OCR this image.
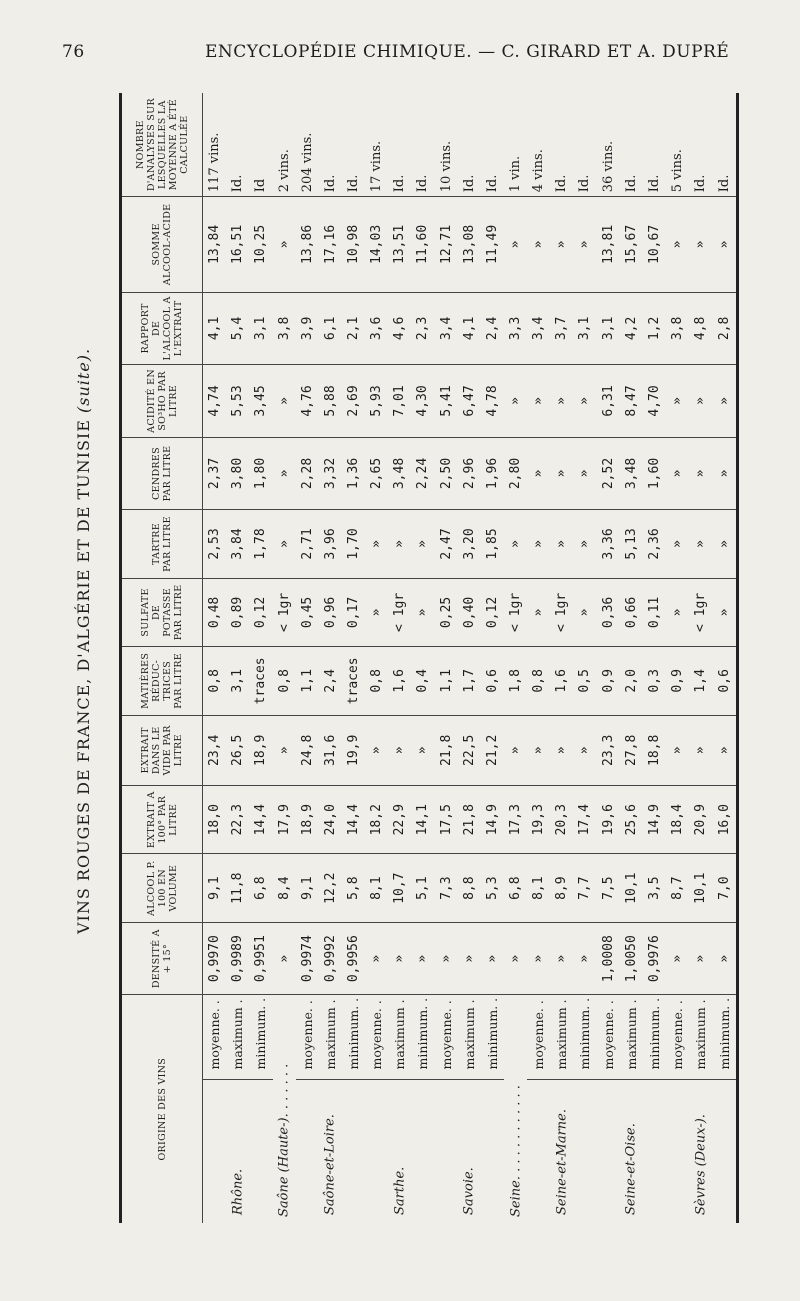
76	ENCYCLOPÉDIE CHIMIQUE. — C. GIRARD ET A. DUPRÉ
VINS ROUGES DE FRANCE, D'ALGÉRIE ET DE TUNISIE (suite).
ORIGINE DES VINS		DENSITÉ A + 15°	ALCOOL P. 100 EN VOLUME	EXTRAIT A 100° PAR LITRE	EXTRAIT DANS LE VIDE PAR LITRE	MATIÈRES RÉDUC-TRICES PAR LITRE	SULFATE DE POTASSE PAR LITRE	TARTRE PAR LITRE	CENDRES PAR LITRE	ACIDITÉ EN SO³HO PAR LITRE	RAPPORT DE L'ALCOOL A L'EXTRAIT	SOMME ALCOOL-ACIDE	NOMBRE D'ANALYSES SUR LESQUELLES LA MOYENNE A ÉTÉ CALCULÉE

Rhône.	moyenne. .	0,9970	9,1	18,0	23,4	0,8	0,48	2,53	2,37	4,74	4,1	13,84	117 vins.
	maximum .	0,9989	11,8	22,3	26,5	3,1	0,89	3,84	3,80	5,53	5,4	16,51	Id.
	minimum. .	0,9951	6,8	14,4	18,9	traces	0,12	1,78	1,80	3,45	3,1	10,25	Id

Saône (Haute-). . . . . . .		»	8,4	17,9	»	0,8	< 1gr	»	»	»	3,8	»	2 vins.

Saône-et-Loire.	moyenne. .	0,9974	9,1	18,9	24,8	1,1	0,45	2,71	2,28	4,76	3,9	13,86	204 vins.
	maximum .	0,9992	12,2	24,0	31,6	2,4	0,96	3,96	3,32	5,88	6,1	17,16	Id.
	minimum. .	0,9956	5,8	14,4	19,9	traces	0,17	1,70	1,36	2,69	2,1	10,98	Id.

Sarthe.	moyenne. .	»	8,1	18,2	»	0,8	»	»	2,65	5,93	3,6	14,03	17 vins.
	maximum .	»	10,7	22,9	»	1,6	< 1gr	»	3,48	7,01	4,6	13,51	Id.
	minimum. .	»	5,1	14,1	»	0,4	»	»	2,24	4,30	2,3	11,60	Id.

Savoie.	moyenne. .	»	7,3	17,5	21,8	1,1	0,25	2,47	2,50	5,41	3,4	12,71	10 vins.
	maximum .	»	8,8	21,8	22,5	1,7	0,40	3,20	2,96	6,47	4,1	13,08	Id.
	minimum. .	»	5,3	14,9	21,2	0,6	0,12	1,85	1,96	4,78	2,4	11,49	Id.

Seine. . . . . . . . . . . .		»	6,8	17,3	»	1,8	< 1gr	»	2,80	»	3,3	»	1 vin.

Seine-et-Marne.	moyenne. .	»	8,1	19,3	»	0,8	»	»	»	»	3,4	»	4 vins.
	maximum .	»	8,9	20,3	»	1,6	< 1gr	»	»	»	3,7	»	Id.
	minimum. .	»	7,7	17,4	»	0,5	»	»	»	»	3,1	»	Id.

Seine-et-Oise.	moyenne. .	1,0008	7,5	19,6	23,3	0,9	0,36	3,36	2,52	6,31	3,1	13,81	36 vins.
	maximum .	1,0050	10,1	25,6	27,8	2,0	0,66	5,13	3,48	8,47	4,2	15,67	Id.
	minimum. .	0,9976	3,5	14,9	18,8	0,3	0,11	2,36	1,60	4,70	1,2	10,67	Id.

Sèvres (Deux-).	moyenne. .	»	8,7	18,4	»	0,9	»	»	»	»	3,8	»	5 vins.
	maximum .	»	10,1	20,9	»	1,4	< 1gr	»	»	»	4,8	»	Id.
	minimum. .	»	7,0	16,0	»	0,6	»	»	»	»	2,8	»	Id.
